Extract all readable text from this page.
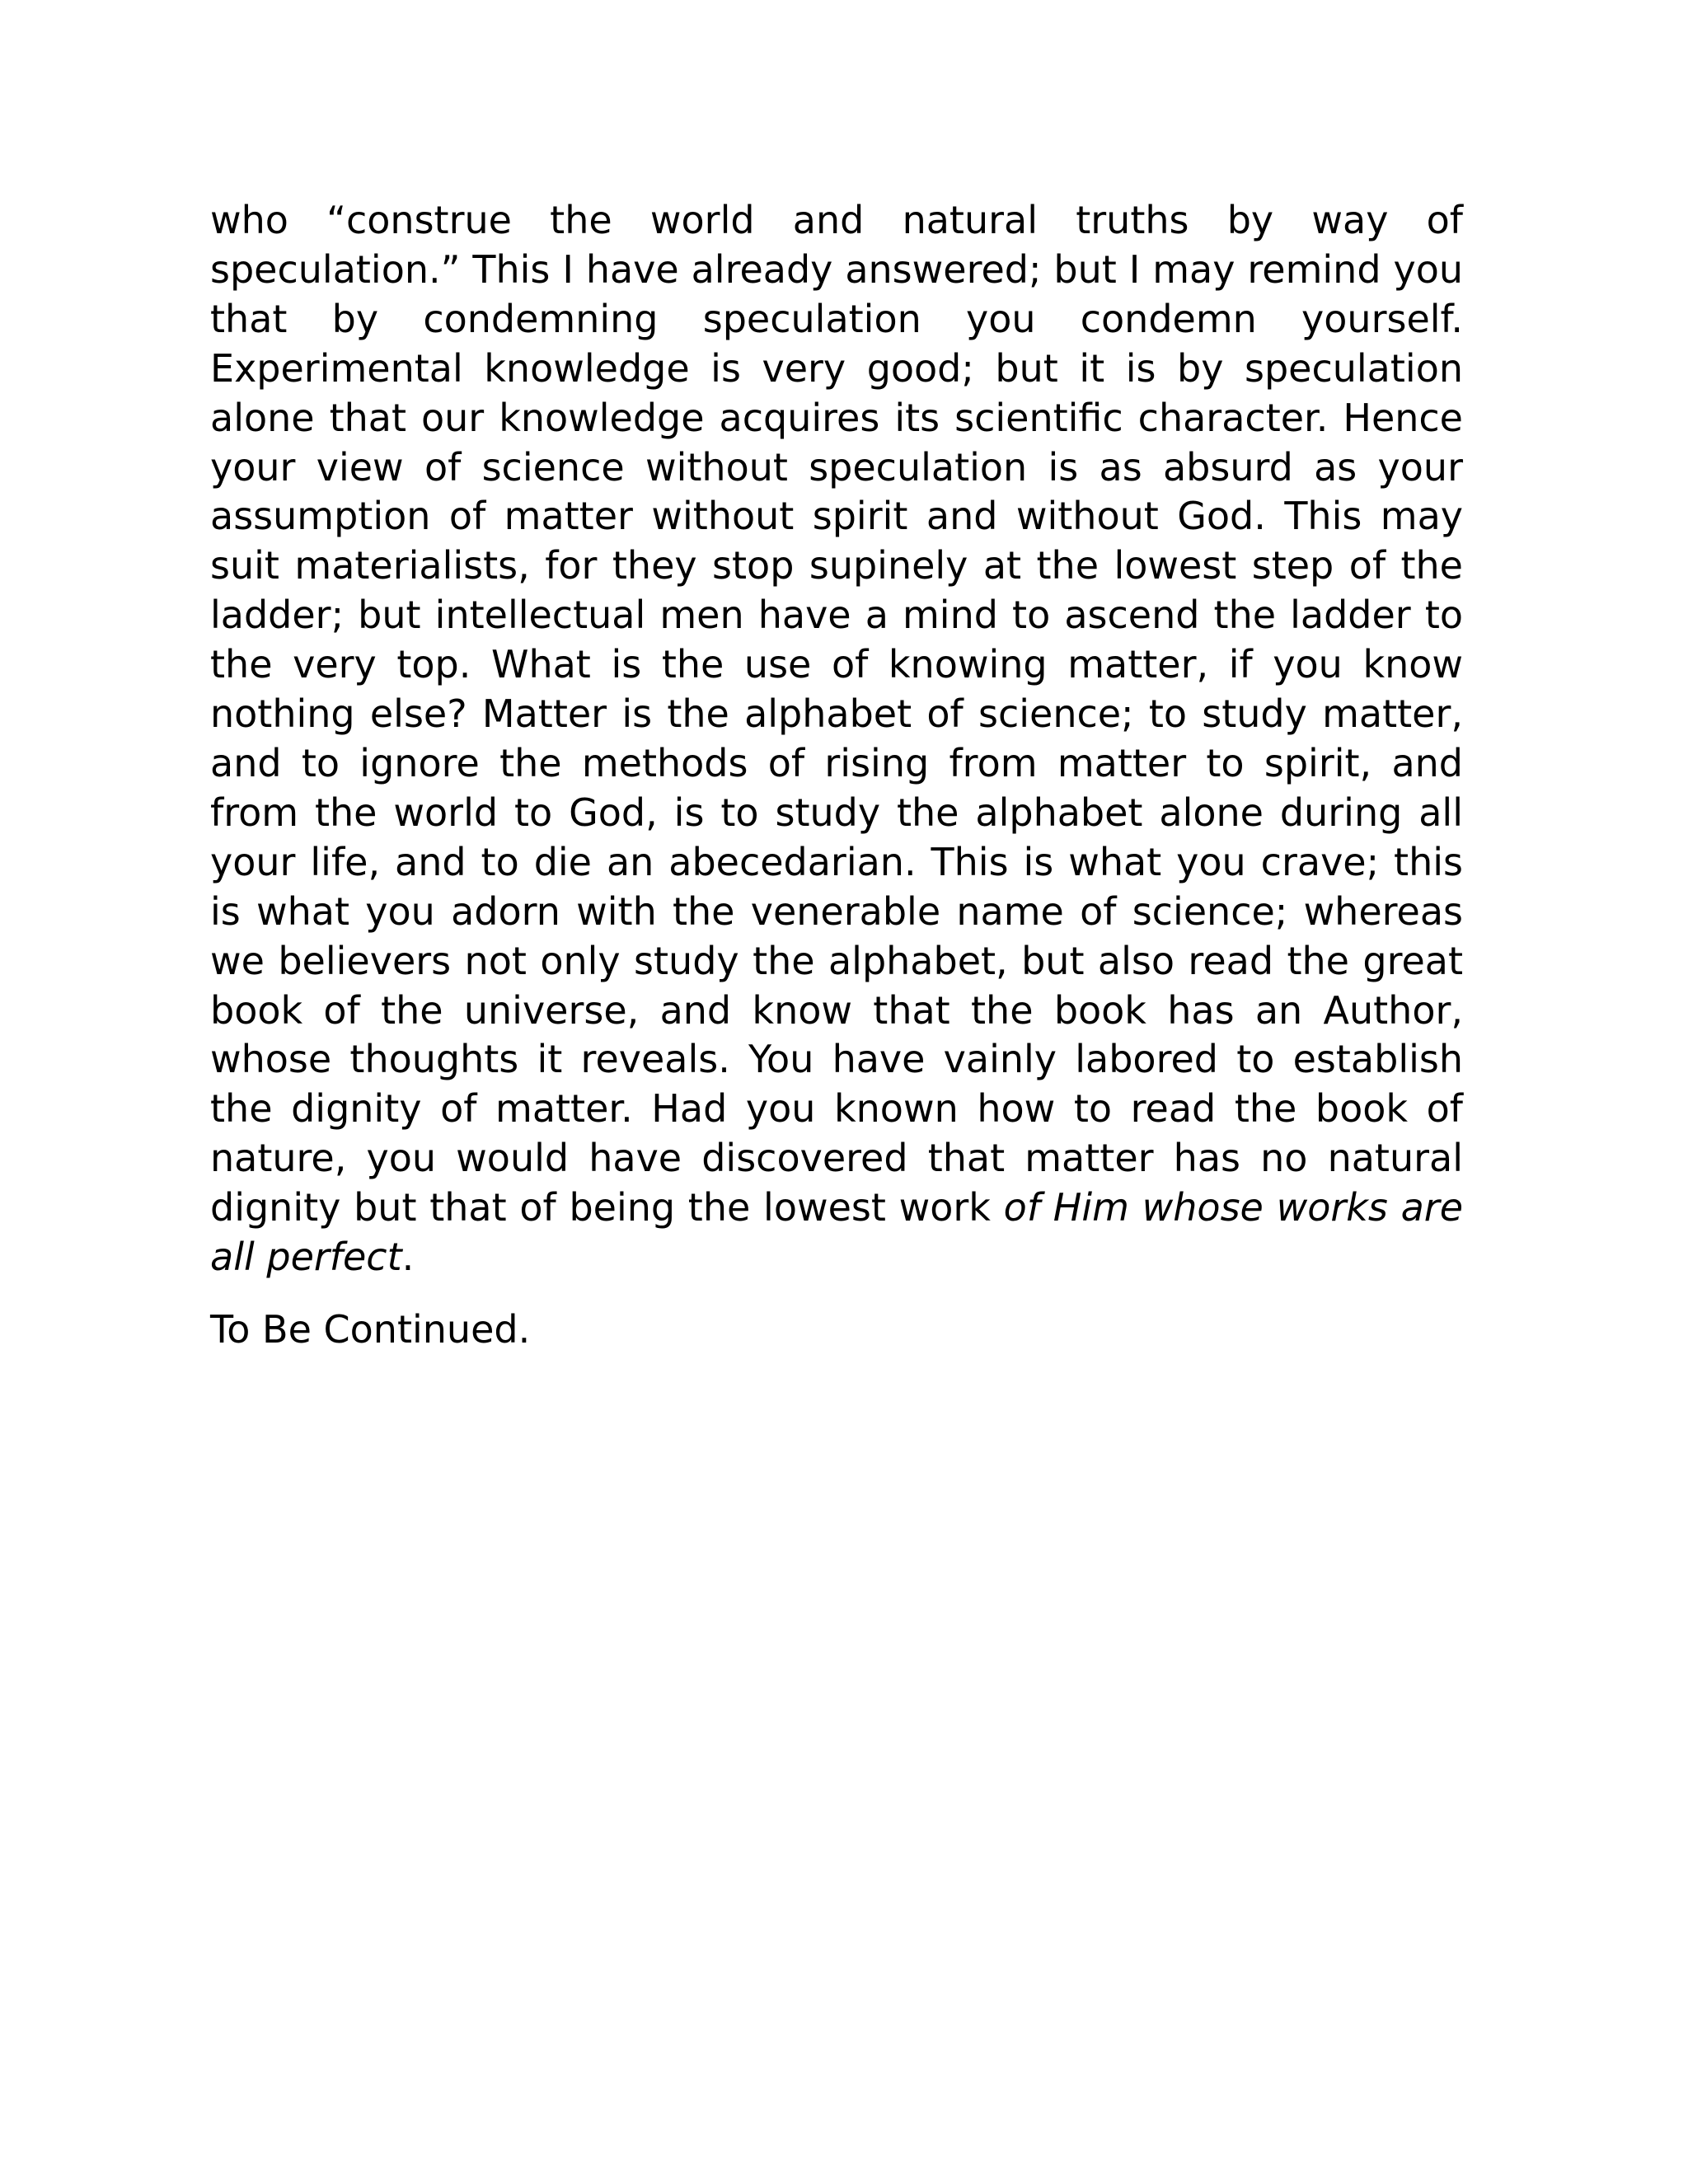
who “construe the world and natural truths by way of speculation.” This I have already answered; but I may remind you that by condemning speculation you condemn yourself. Experimental knowledge is very good; but it is by speculation alone that our knowledge acquires its scientific character. Hence your view of science without speculation is as absurd as your assumption of matter without spirit and without God. This may suit materialists, for they stop supinely at the lowest step of the ladder; but intellectual men have a mind to ascend the ladder to the very top. What is the use of knowing matter, if you know nothing else? Matter is the alphabet of science; to study matter, and to ignore the methods of rising from matter to spirit, and from the world to God, is to study the alphabet alone during all your life, and to die an abecedarian. This is what you crave; this is what you adorn with the venerable name of science; whereas we believers not only study the alphabet, but also read the great book of the universe, and know that the book has an Author, whose thoughts it reveals. You have vainly labored to establish the dignity of matter. Had you known how to read the book of nature, you would have discovered that matter has no natural dignity but that of being the lowest work of Him whose works are all perfect.

To Be Continued.
